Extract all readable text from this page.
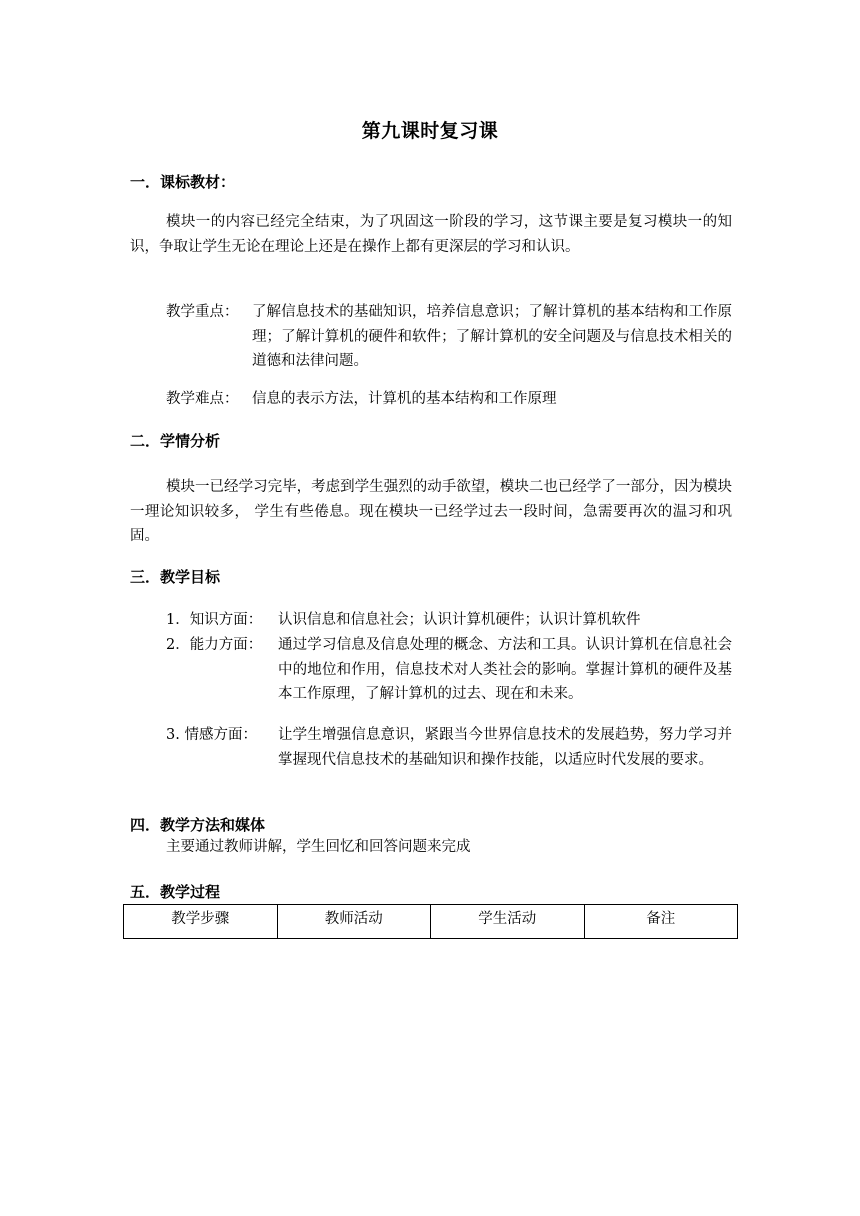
第九课时复习课
一．课标教材：
模块一的内容已经完全结束，为了巩固这一阶段的学习，这节课主要是复习模块一的知识，争取让学生无论在理论上还是在操作上都有更深层的学习和认识。
教学重点： 了解信息技术的基础知识，培养信息意识；了解计算机的基本结构和工作原理；了解计算机的硬件和软件；了解计算机的安全问题及与信息技术相关的道德和法律问题。
教学难点： 信息的表示方法，计算机的基本结构和工作原理
二．学情分析
模块一已经学习完毕，考虑到学生强烈的动手欲望，模块二也已经学了一部分，因为模块一理论知识较多， 学生有些倦息。现在模块一已经学过去一段时间，急需要再次的温习和巩固。
三．教学目标
1．知识方面： 认识信息和信息社会；认识计算机硬件；认识计算机软件
2．能力方面： 通过学习信息及信息处理的概念、方法和工具。认识计算机在信息社会中的地位和作用，信息技术对人类社会的影响。掌握计算机的硬件及基本工作原理，了解计算机的过去、现在和未来。
3. 情感方面： 让学生增强信息意识，紧跟当今世界信息技术的发展趋势，努力学习并掌握现代信息技术的基础知识和操作技能，以适应时代发展的要求。
四．教学方法和媒体
主要通过教师讲解，学生回忆和回答问题来完成
五．教学过程
教学步骤	教师活动	学生活动	备注
